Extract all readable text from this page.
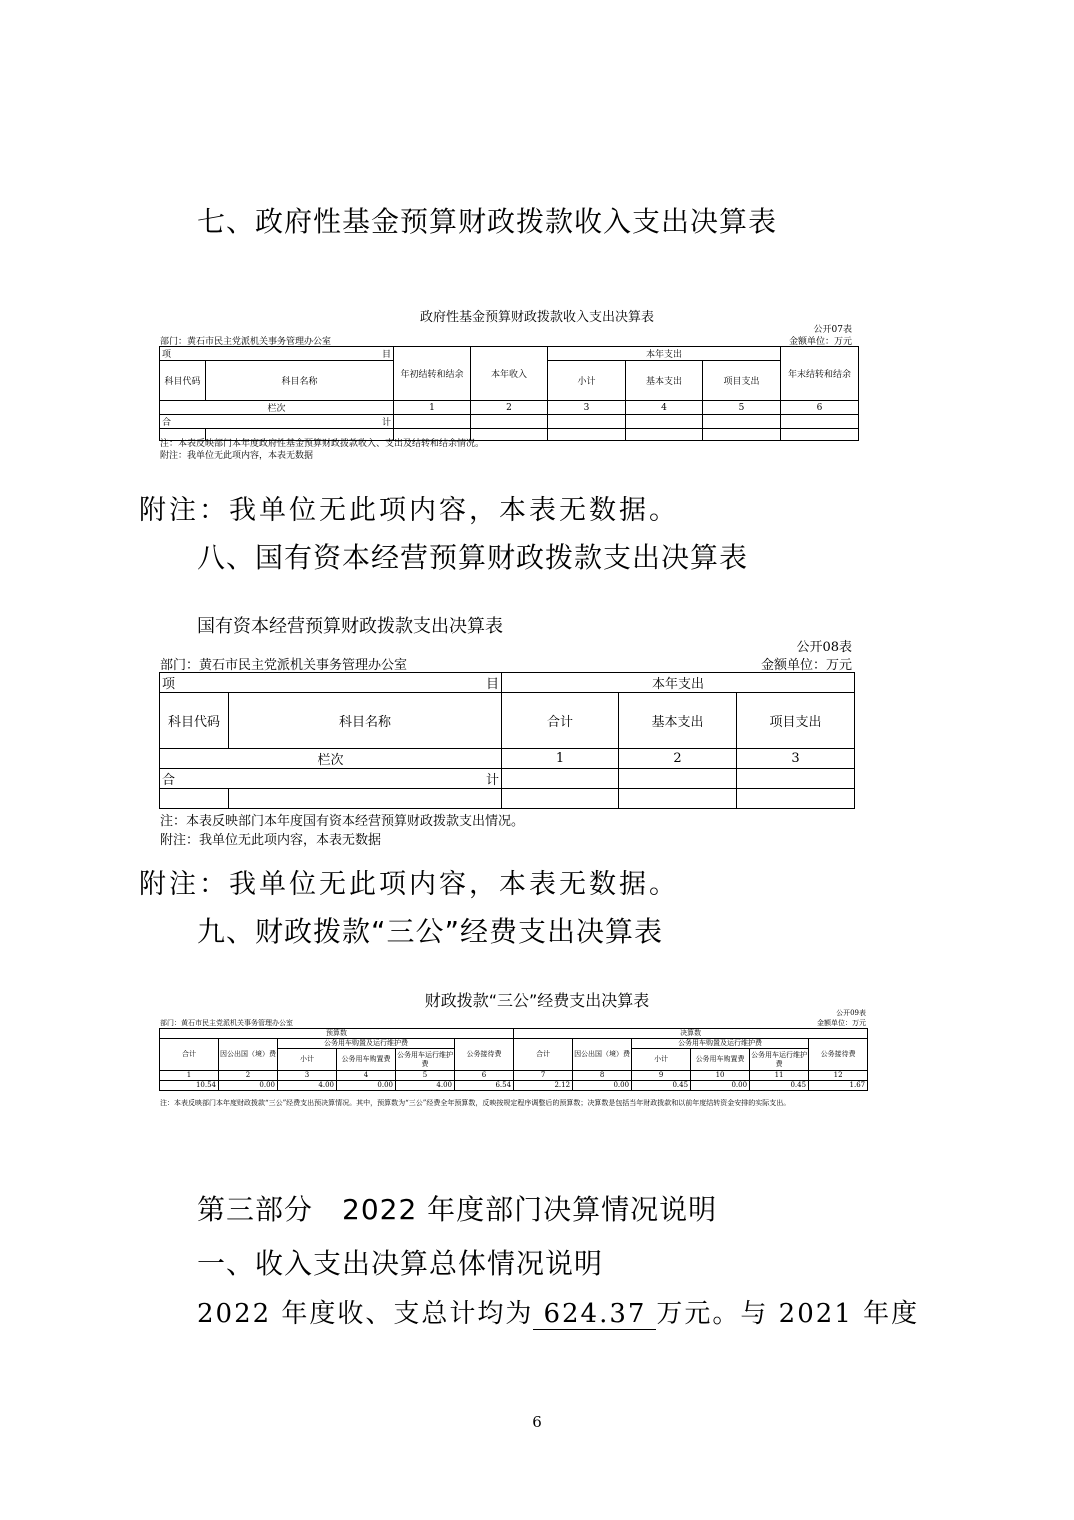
七、政府性基金预算财政拨款收入支出决算表
政府性基金预算财政拨款收入支出决算表
公开07表
部门：黄石市民主党派机关事务管理办公室	金额单位：万元
项 目		年初结转和结余	本年收入	本年支出			年末结转和结余
科目代码	科目名称			小计	基本支出	项目支出	
栏次		1	2	3	4	5	6

合 计							

注：本表反映部门本年度政府性基金预算财政拨款收入、支出及结转和结余情况。
附注：我单位无此项内容，本表无数据
附注：我单位无此项内容，本表无数据。
八、国有资本经营预算财政拨款支出决算表
国有资本经营预算财政拨款支出决算表
公开08表
部门：黄石市民主党派机关事务管理办公室	金额单位：万元
项 目		本年支出		
科目代码	科目名称	合计	基本支出	项目支出
栏次		1	2	3

合 计				

注：本表反映部门本年度国有资本经营预算财政拨款支出情况。
附注：我单位无此项内容，本表无数据
附注：我单位无此项内容，本表无数据。
九、财政拨款“三公”经费支出决算表
财政拨款“三公”经费支出决算表
公开09表
部门：黄石市民主党派机关事务管理办公室	金额单位：万元
预算数						决算数					
合计	因公出国（境）费	公务用车购置及运行维护费			公务接待费	合计	因公出国（境）费	公务用车购置及运行维护费			公务接待费
		小计	公务用车购置费	公务用车运行维护费				小计	公务用车购置费	公务用车运行维护费	
1	2	3	4	5	6	7	8	9	10	11	12
10.54	0.00	4.00	0.00	4.00	6.54	2.12	0.00	0.45	0.00	0.45	1.67
注：本表反映部门本年度财政拨款“三公”经费支出预决算情况。其中，预算数为“三公”经费全年预算数，反映按规定程序调整后的预算数；决算数是包括当年财政拨款和以前年度结转资金安排的实际支出。
第三部分　2022 年度部门决算情况说明
一、收入支出决算总体情况说明
2022 年度收、支总计均为 624.37 万元。与 2021 年度
6
